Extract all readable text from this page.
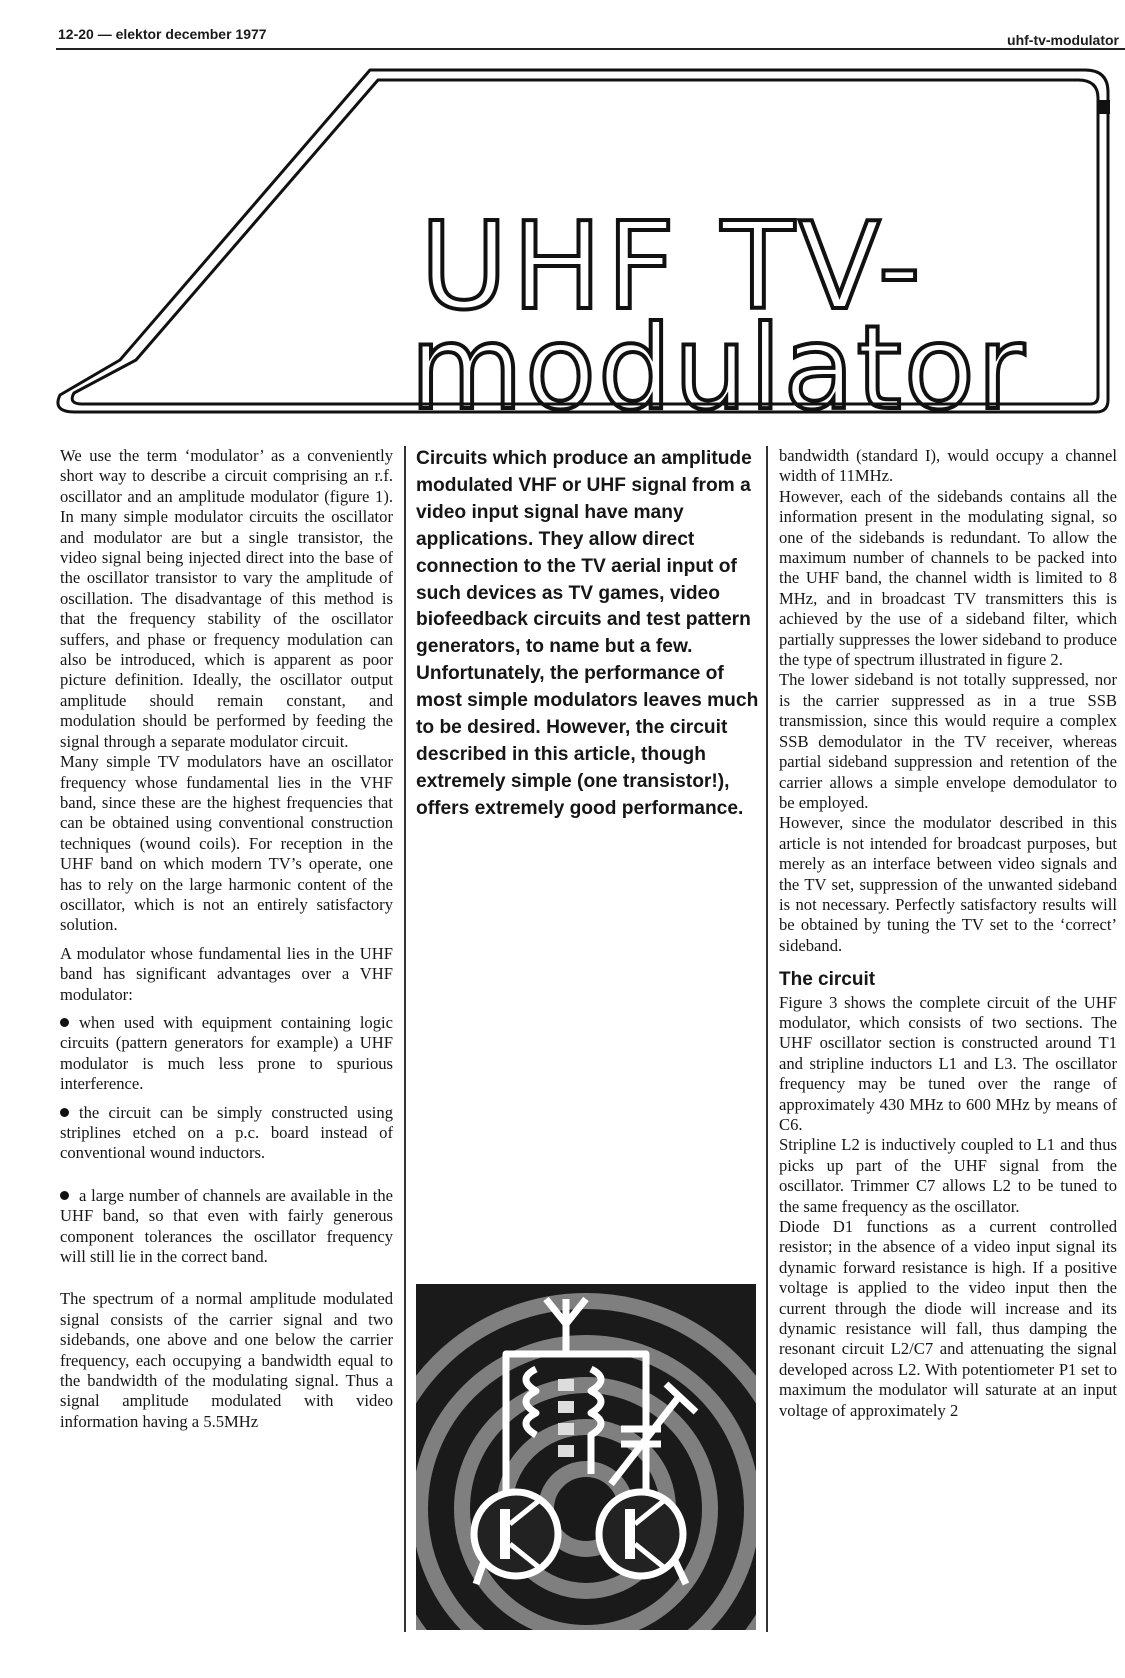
12-20 — elektor december 1977	uhf-tv-modulator
UHF TV-
modulator

We use the term ‘modulator’ as a conveniently short way to describe a circuit comprising an r.f. oscillator and an amplitude modulator (figure 1). In many simple modulator circuits the oscillator and modulator are but a single transistor, the video signal being injected direct into the base of the oscillator transistor to vary the amplitude of oscillation. The disadvantage of this method is that the frequency stability of the oscillator suffers, and phase or frequency modulation can also be introduced, which is apparent as poor picture definition. Ideally, the oscillator output amplitude should remain constant, and modulation should be performed by feeding the signal through a separate modulator circuit.

Many simple TV modulators have an oscillator frequency whose fundamental lies in the VHF band, since these are the highest frequencies that can be obtained using conventional construction techniques (wound coils). For reception in the UHF band on which modern TV’s operate, one has to rely on the large harmonic content of the oscillator, which is not an entirely satisfactory solution.

A modulator whose fundamental lies in the UHF band has significant advantages over a VHF modulator:

when used with equipment containing logic circuits (pattern generators for example) a UHF modulator is much less prone to spurious interference.

the circuit can be simply constructed using striplines etched on a p.c. board instead of conventional wound inductors.

a large number of channels are available in the UHF band, so that even with fairly generous component tolerances the oscillator frequency will still lie in the correct band.

The spectrum of a normal amplitude modulated signal consists of the carrier signal and two sidebands, one above and one below the carrier frequency, each occupying a bandwidth equal to the bandwidth of the modulating signal. Thus a signal amplitude modulated with video information having a 5.5MHz

Circuits which produce an amplitude modulated VHF or UHF signal from a video input signal have many applications. They allow direct connection to the TV aerial input of such devices as TV games, video biofeedback circuits and test pattern generators, to name but a few. Unfortunately, the performance of most simple modulators leaves much to be desired. However, the circuit described in this article, though extremely simple (one transistor!), offers extremely good performance.

bandwidth (standard I), would occupy a channel width of 11MHz.

However, each of the sidebands contains all the information present in the modulating signal, so one of the sidebands is redundant. To allow the maximum number of channels to be packed into the UHF band, the channel width is limited to 8 MHz, and in broadcast TV transmitters this is achieved by the use of a sideband filter, which partially suppresses the lower sideband to produce the type of spectrum illustrated in figure 2.

The lower sideband is not totally suppressed, nor is the carrier suppressed as in a true SSB transmission, since this would require a complex SSB demodulator in the TV receiver, whereas partial sideband suppression and retention of the carrier allows a simple envelope demodulator to be employed.

However, since the modulator described in this article is not intended for broadcast purposes, but merely as an interface between video signals and the TV set, suppression of the unwanted sideband is not necessary. Perfectly satisfactory results will be obtained by tuning the TV set to the ‘correct’ sideband.

The circuit

Figure 3 shows the complete circuit of the UHF modulator, which consists of two sections. The UHF oscillator section is constructed around T1 and stripline inductors L1 and L3. The oscillator frequency may be tuned over the range of approximately 430 MHz to 600 MHz by means of C6.

Stripline L2 is inductively coupled to L1 and thus picks up part of the UHF signal from the oscillator. Trimmer C7 allows L2 to be tuned to the same frequency as the oscillator.

Diode D1 functions as a current controlled resistor; in the absence of a video input signal its dynamic forward resistance is high. If a positive voltage is applied to the video input then the current through the diode will increase and its dynamic resistance will fall, thus damping the resonant circuit L2/C7 and attenuating the signal developed across L2. With potentiometer P1 set to maximum the modulator will saturate at an input voltage of approximately 2
